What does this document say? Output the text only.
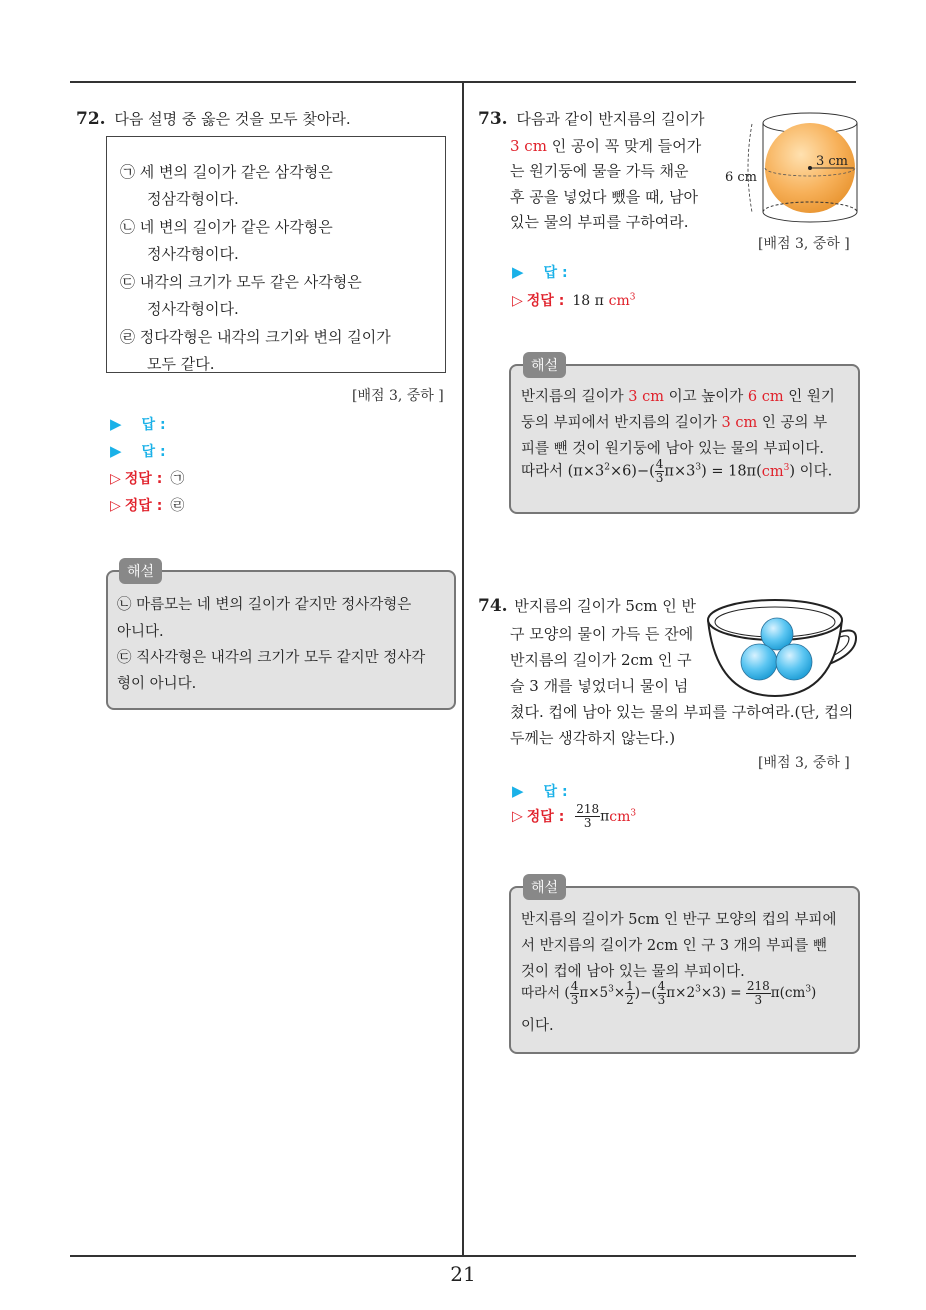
72. 다음 설명 중 옳은 것을 모두 찾아라.
㉠ 세 변의 길이가 같은 삼각형은
정삼각형이다.
㉡ 네 변의 길이가 같은 사각형은
정사각형이다.
㉢ 내각의 크기가 모두 같은 사각형은
정사각형이다.
㉣ 정다각형은 내각의 크기와 변의 길이가
모두 같다.
[배점 3, 중하 ]
▶ 답 :
▶ 답 :
▷ 정답 : ㉠
▷ 정답 : ㉣
해설
㉡ 마름모는 네 변의 길이가 같지만 정사각형은
아니다.
㉢ 직사각형은 내각의 크기가 모두 같지만 정사각
형이 아니다.
73. 다음과 같이 반지름의 길이가
3 cm 인 공이 꼭 맞게 들어가
는 원기둥에 물을 가득 채운
후 공을 넣었다 뺐을 때, 남아
있는 물의 부피를 구하여라.
6 cm
3 cm
[배점 3, 중하 ]
▶ 답 :
▷ 정답 : 18 π $cm^3$
해설
반지름의 길이가 3 cm 이고 높이가 6 cm 인 원기
둥의 부피에서 반지름의 길이가 3 cm 인 공의 부
피를 뺀 것이 원기둥에 남아 있는 물의 부피이다.
따라서 $(\pi\times 3^2\times 6)-( \frac{4}{3} \pi\times 3^3) = 18\pi(cm^3)$ 이다.
74. 반지름의 길이가 5cm 인 반
구 모양의 물이 가득 든 잔에
반지름의 길이가 2cm 인 구
슬 3 개를 넣었더니 물이 넘
쳤다. 컵에 남아 있는 물의 부피를 구하여라.(단, 컵의
두께는 생각하지 않는다.)
[배점 3, 중하 ]
▶ 답 :
▷ 정답 : $\frac{218}{3} \pi cm^3$
해설
반지름의 길이가 5cm 인 반구 모양의 컵의 부피에
서 반지름의 길이가 2cm 인 구 3 개의 부피를 뺀
것이 컵에 남아 있는 물의 부피이다.
따라서 ( $\frac{4}{3} \pi\times 5^3\times \frac{1}{2}$ )−( $\frac{4}{3} \pi\times 2^3\times 3) = \frac{218}{3} \pi(cm^3)$
이다.
21
